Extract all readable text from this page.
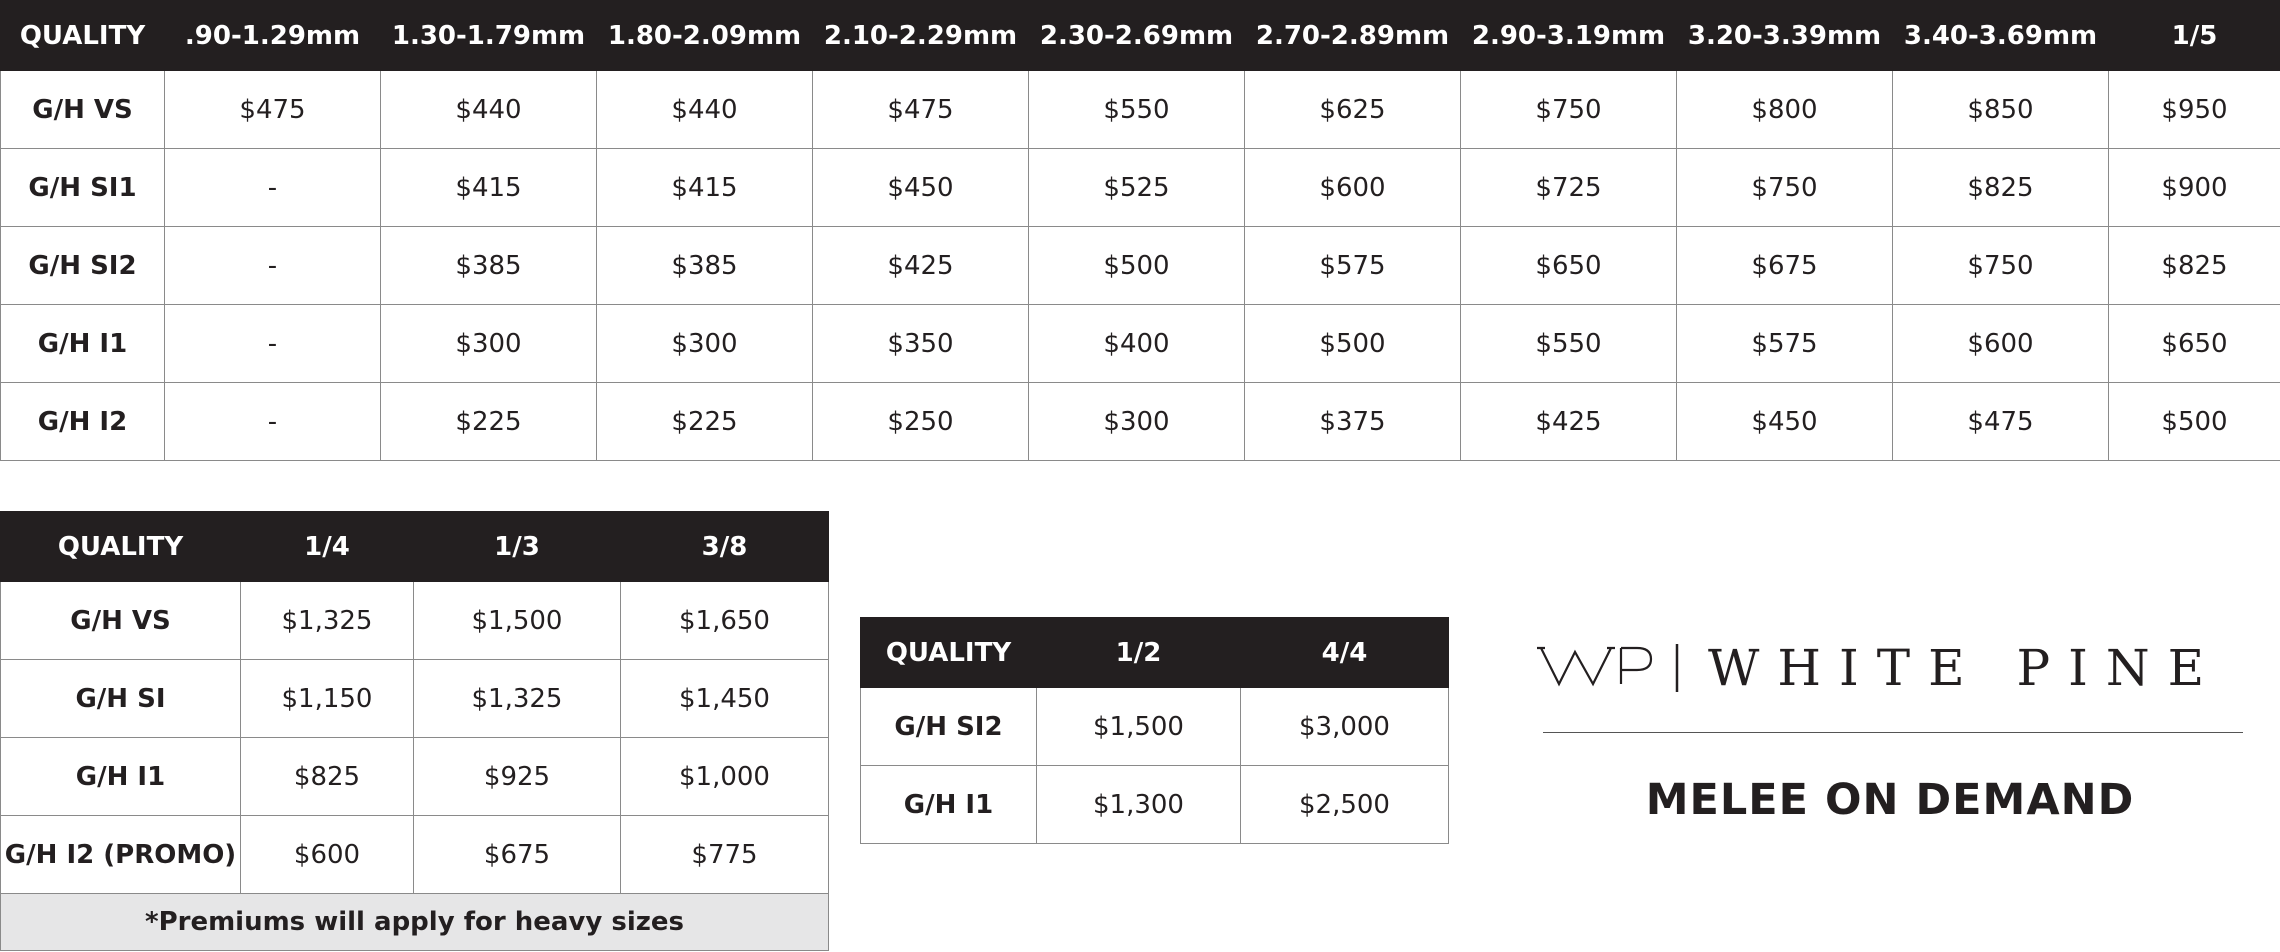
QUALITY	.90-1.29mm	1.30-1.79mm	1.80-2.09mm	2.10-2.29mm	2.30-2.69mm	2.70-2.89mm	2.90-3.19mm	3.20-3.39mm	3.40-3.69mm	1/5
G/H VS	$475	$440	$440	$475	$550	$625	$750	$800	$850	$950
G/H SI1	-	$415	$415	$450	$525	$600	$725	$750	$825	$900
G/H SI2	-	$385	$385	$425	$500	$575	$650	$675	$750	$825
G/H I1	-	$300	$300	$350	$400	$500	$550	$575	$600	$650
G/H I2	-	$225	$225	$250	$300	$375	$425	$450	$475	$500
QUALITY	1/4	1/3	3/8
G/H VS	$1,325	$1,500	$1,650
G/H SI	$1,150	$1,325	$1,450
G/H I1	$825	$925	$1,000
G/H I2 (PROMO)	$600	$675	$775
*Premiums will apply for heavy sizes			
QUALITY	1/2	4/4
G/H SI2	$1,500	$3,000
G/H I1	$1,300	$2,500
WHITE PINE
MELEE ON DEMAND
